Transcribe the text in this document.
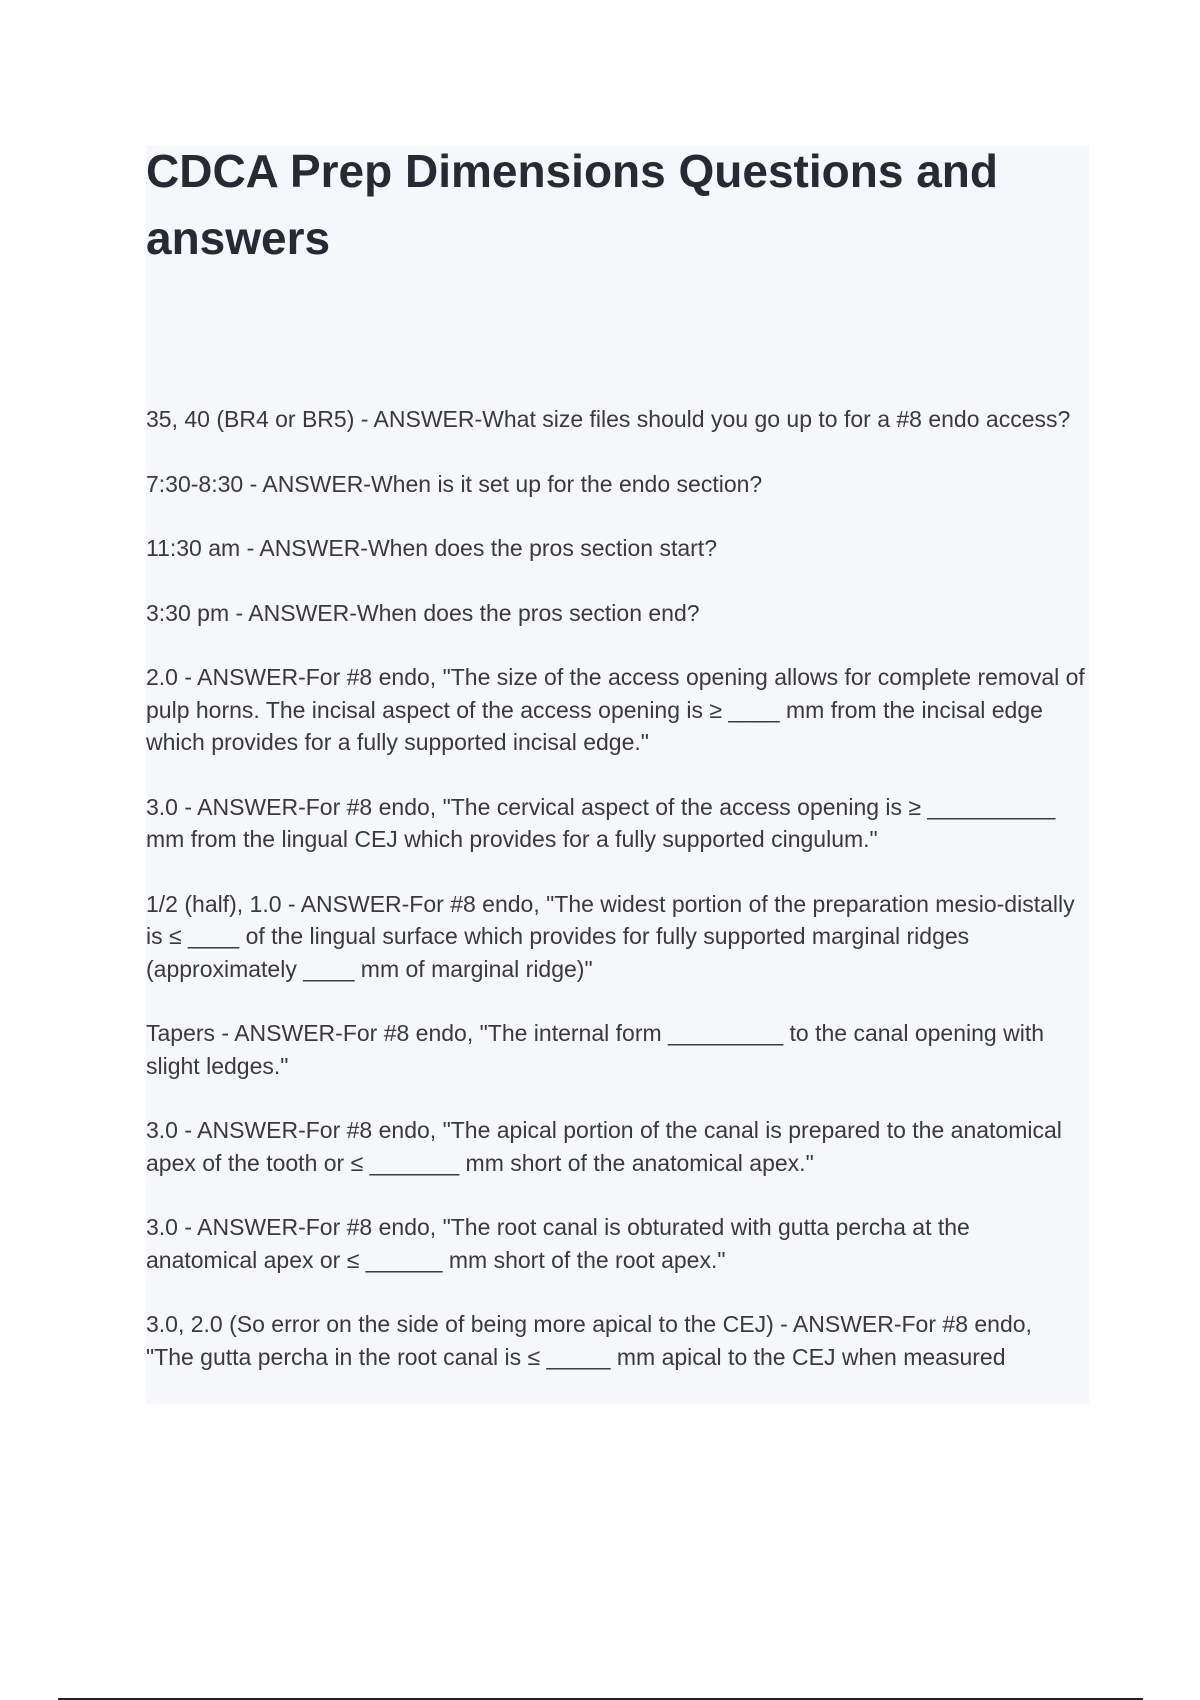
CDCA Prep Dimensions Questions and answers
35, 40 (BR4 or BR5) - ANSWER-What size files should you go up to for a #8 endo access?
7:30-8:30 - ANSWER-When is it set up for the endo section?
11:30 am - ANSWER-When does the pros section start?
3:30 pm - ANSWER-When does the pros section end?
2.0 - ANSWER-For #8 endo, "The size of the access opening allows for complete removal of pulp horns. The incisal aspect of the access opening is ≥ ____ mm from the incisal edge which provides for a fully supported incisal edge."
3.0 - ANSWER-For #8 endo, "The cervical aspect of the access opening is ≥ __________ mm from the lingual CEJ which provides for a fully supported cingulum."
1/2 (half), 1.0 - ANSWER-For #8 endo, "The widest portion of the preparation mesio-distally is ≤ ____ of the lingual surface which provides for fully supported marginal ridges (approximately ____ mm of marginal ridge)"
Tapers - ANSWER-For #8 endo, "The internal form _________ to the canal opening with slight ledges."
3.0 - ANSWER-For #8 endo, "The apical portion of the canal is prepared to the anatomical apex of the tooth or ≤ _______ mm short of the anatomical apex."
3.0 - ANSWER-For #8 endo, "The root canal is obturated with gutta percha at the anatomical apex or ≤ ______ mm short of the root apex."
3.0, 2.0 (So error on the side of being more apical to the CEJ) - ANSWER-For #8 endo, "The gutta percha in the root canal is ≤ _____ mm apical to the CEJ when measured
